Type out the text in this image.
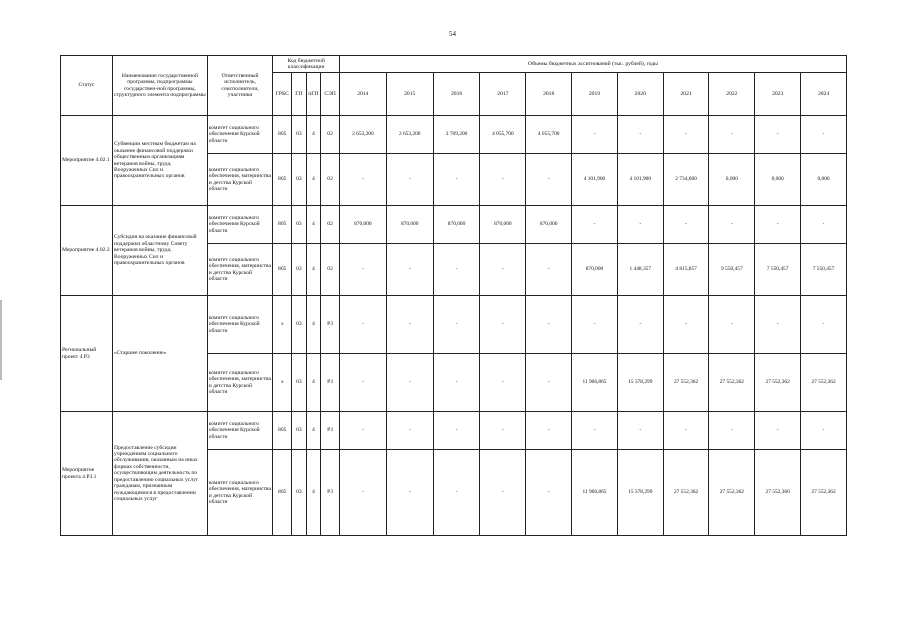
54
Статус	Наименование государственной программы, подпрограммы государствен-ной программы, структурного элемента подпрограммы	Ответственный исполнитель, соисполнители, участники	Код бюджетной классификации				Объемы бюджетных ассигнований (тыс. рублей), годы										
			ГРБС	ГП	пГП	СЭП	2014	2015	2016	2017	2018	2019	2020	2021	2022	2023	2024
Мероприятие 4.02.1	Субвенции местным бюджетам на оказание финансовой поддержки общественным организациям ветеранов войны, труда, Вооруженных Сил и правоохранительных органов	комитет социального обеспечения Курской области	805	03	4	02	2 653,200	2 653,200	3 709,200	4 055,700	4 055,700	-	-	-	-	-	-
		комитет социального обеспечения, материнства и детства Курской области	805	03	4	02	-	-	-	-	-	4 101,900	4 101,900	2 734,600	0,000	0,000	0,000
Мероприятие 4.02.2	Субсидия на оказание финансовой поддержки областному Совету ветеранов войны, труда, Вооруженных Сил и правоохранительных органов	комитет социального обеспечения Курской области	805	03	4	02	870,000	870,000	870,000	870,000	870,000	-	-	-	-	-	-
		комитет социального обеспечения, материнства и детства Курской области	805	03	4	02	-	-	-	-	-	870,000	1 448,357	4 815,857	9 550,457	7 550,457	7 550,457
Региональный проект 4.Р3	«Старшее поколение»	комитет социального обеспечения Курской области	х	03	4	Р3	-	-	-	-	-	-	-	-	-	-	-
		комитет социального обеспечения, материнства и детства Курской области	х	03	4	Р3	-	-	-	-	-	11 966,865	15 378,299	27 552,362	27 552,362	27 552,362	27 552,362
Мероприятие проекта 4.Р3.1	Предоставление субсидии учреждениям социального обслуживания, оказанным на иных формах собственности, осуществляющим деятельность по предоставлению социальных услуг гражданам, признанным нуждающимися в предоставлении социальных услуг	комитет социального обеспечения Курской области	805	03	4	Р3	-	-	-	-	-	-	-	-	-	-	-
		комитет социального обеспечения, материнства и детства Курской области	805	03	4	Р3	-	-	-	-	-	11 966,865	15 378,299	27 552,362	27 552,362	27 552,360	27 552,362
